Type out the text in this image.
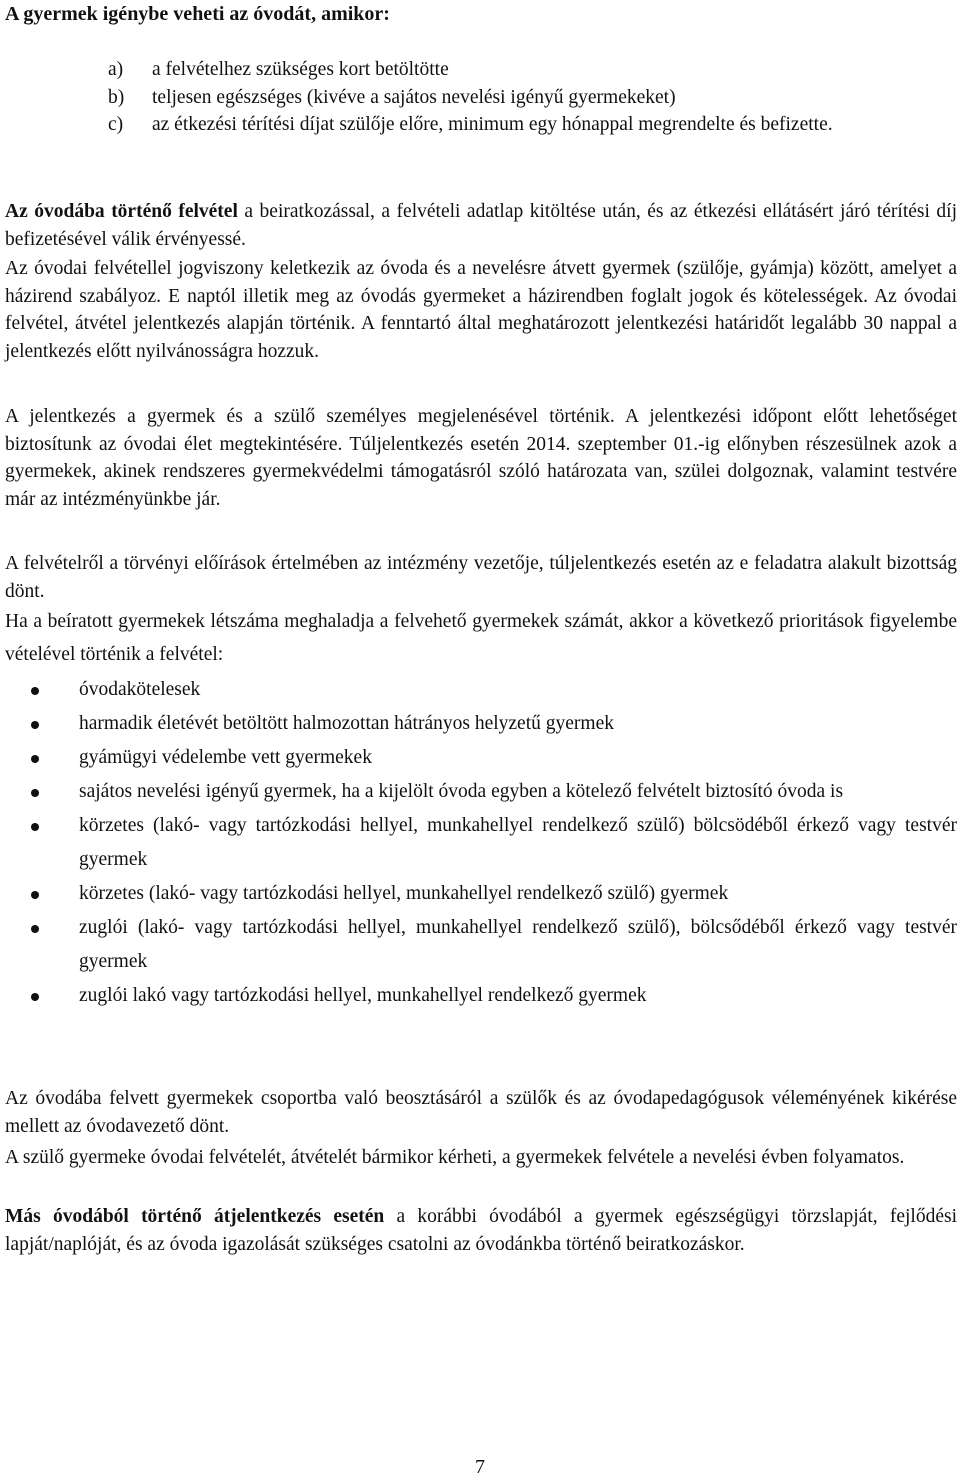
A gyermek igénybe veheti az óvodát, amikor:
a) a felvételhez szükséges kort betöltötte
b) teljesen egészséges (kivéve a sajátos nevelési igényű gyermekeket)
c) az étkezési térítési díjat szülője előre, minimum egy hónappal megrendelte és befizette.
Az óvodába történő felvétel a beiratkozással, a felvételi adatlap kitöltése után, és az étkezési ellátásért járó térítési díj befizetésével válik érvényessé.
Az óvodai felvétellel jogviszony keletkezik az óvoda és a nevelésre átvett gyermek (szülője, gyámja) között, amelyet a házirend szabályoz. E naptól illetik meg az óvodás gyermeket a házirendben foglalt jogok és kötelességek. Az óvodai felvétel, átvétel jelentkezés alapján történik. A fenntartó által meghatározott jelentkezési határidőt legalább 30 nappal a jelentkezés előtt nyilvánosságra hozzuk.
A jelentkezés a gyermek és a szülő személyes megjelenésével történik. A jelentkezési időpont előtt lehetőséget biztosítunk az óvodai élet megtekintésére. Túljelentkezés esetén 2014. szeptember 01.-ig előnyben részesülnek azok a gyermekek, akinek rendszeres gyermekvédelmi támogatásról szóló határozata van, szülei dolgoznak, valamint testvére már az intézményünkbe jár.
A felvételről a törvényi előírások értelmében az intézmény vezetője, túljelentkezés esetén az e feladatra alakult bizottság dönt.
Ha a beíratott gyermekek létszáma meghaladja a felvehető gyermekek számát, akkor a következő prioritások figyelembe vételével történik a felvétel:
óvodakötelesek
harmadik életévét betöltött halmozottan hátrányos helyzetű gyermek
gyámügyi védelembe vett gyermekek
sajátos nevelési igényű gyermek, ha a kijelölt óvoda egyben a kötelező felvételt biztosító óvoda is
körzetes (lakó- vagy tartózkodási hellyel, munkahellyel rendelkező szülő) bölcsödéből érkező vagy testvér gyermek
körzetes (lakó- vagy tartózkodási hellyel, munkahellyel rendelkező szülő) gyermek
zuglói (lakó- vagy tartózkodási hellyel, munkahellyel rendelkező szülő), bölcsődéből érkező vagy testvér gyermek
zuglói lakó vagy tartózkodási hellyel, munkahellyel rendelkező gyermek
Az óvodába felvett gyermekek csoportba való beosztásáról a szülők és az óvodapedagógusok véleményének kikérése mellett az óvodavezető dönt.
A szülő gyermeke óvodai felvételét, átvételét bármikor kérheti, a gyermekek felvétele a nevelési évben folyamatos.
Más óvodából történő átjelentkezés esetén a korábbi óvodából a gyermek egészségügyi törzslapját, fejlődési lapját/naplóját, és az óvoda igazolását szükséges csatolni az óvodánkba történő beiratkozáskor.
7
